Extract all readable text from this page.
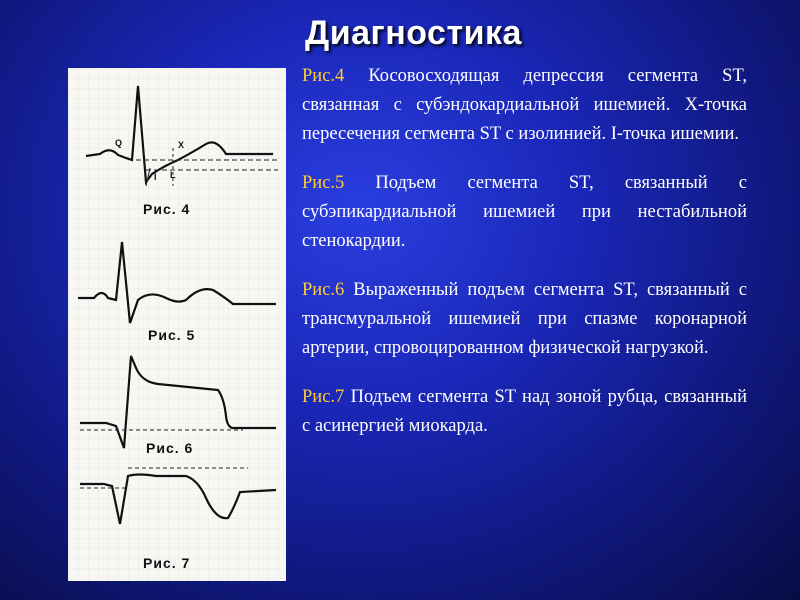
Диагностика
Q	X
I L
Рис. 4
Рис. 5
Рис. 6
Рис. 7

Рис.4 Косовосходящая депрессия сегмента ST, связанная с субэндокардиальной ишемией. Х-точка пересечения сегмента ST с изолинией. I-точка ишемии.

Рис.5 Подъем сегмента ST, связанный с субэпикардиальной ишемией при нестабильной стенокардии.

Рис.6 Выраженный подъем сегмента ST, связанный с трансмуральной ишемией при спазме коронарной артерии, спровоцированном физической нагрузкой.

Рис.7 Подъем сегмента ST над зоной рубца, связанный с асинергией миокарда.
